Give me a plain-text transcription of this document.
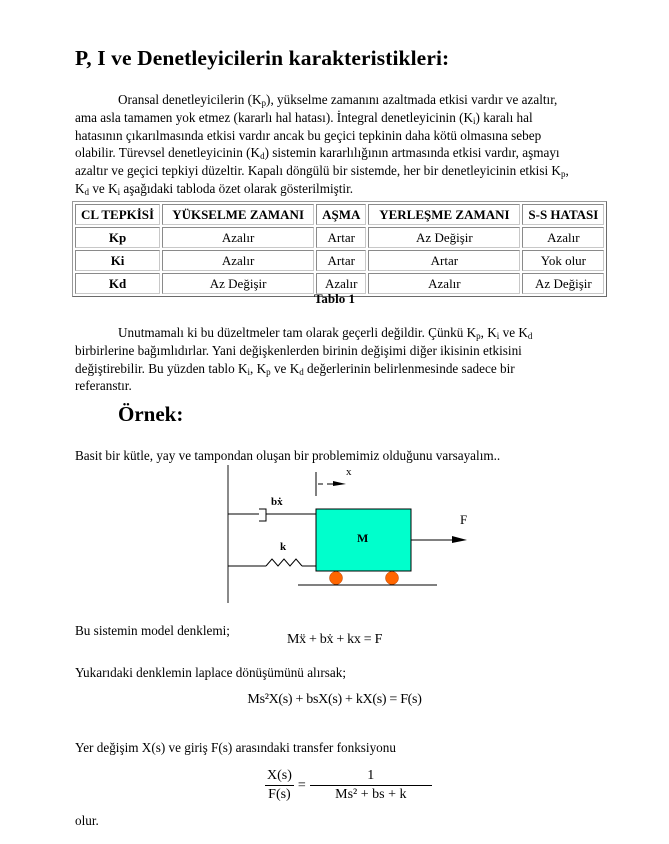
P, I ve Denetleyicilerin karakteristikleri:
Oransal denetleyicilerin $(K_p)$, yükselme zamanını azaltmada etkisi vardır ve azaltır,
ama asla tamamen yok etmez (kararlı hal hatası). İntegral denetleyicinin $(K_i)$ karalı hal
hatasının çıkarılmasında etkisi vardır ancak bu geçici tepkinin daha kötü olmasına sebep
olabilir. Türevsel denetleyicinin $(K_d)$ sistemin kararlılığının artmasında etkisi vardır, aşmayı
azaltır ve geçici tepkiyi düzeltir. Kapalı döngülü bir sistemde, her bir denetleyicinin etkisi $K_p$,
$K_d$ ve $K_i$ aşağıdaki tabloda özet olarak gösterilmiştir.
CL TEPKİSİ	YÜKSELME ZAMANI	AŞMA	YERLEŞME ZAMANI	S-S HATASI
Kp	Azalır	Artar	Az Değişir	Azalır
Ki	Azalır	Artar	Artar	Yok olur
Kd	Az Değişir	Azalır	Azalır	Az Değişir
Tablo 1
Unutmamalı ki bu düzeltmeler tam olarak geçerli değildir. Çünkü $K_p$, $K_i$ ve $K_d$
birbirlerine bağımlıdırlar. Yani değişkenlerden birinin değişimi diğer ikisinin etkisini
değiştirebilir. Bu yüzden tablo $K_i$, $K_p$ ve $K_d$ değerlerinin belirlenmesinde sadece bir
referanstır.
Örnek:

Basit bir kütle, yay ve tampondan oluşan bir problemimiz olduğunu varsayalım..

bẋ
k
x
M
F

Bu sistemin model denklemi;

Mẍ + bẋ + kx = F

Yukarıdaki denklemin laplace dönüşümünü alırsak;

Ms²X(s) + bsX(s) + kX(s) = F(s)

Yer değişim X(s) ve giriş F(s) arasındaki transfer fonksiyonu

$\frac{X(s)}{F(s)} = \frac{1}{\text{Ms² + bs + k}}$

olur.
